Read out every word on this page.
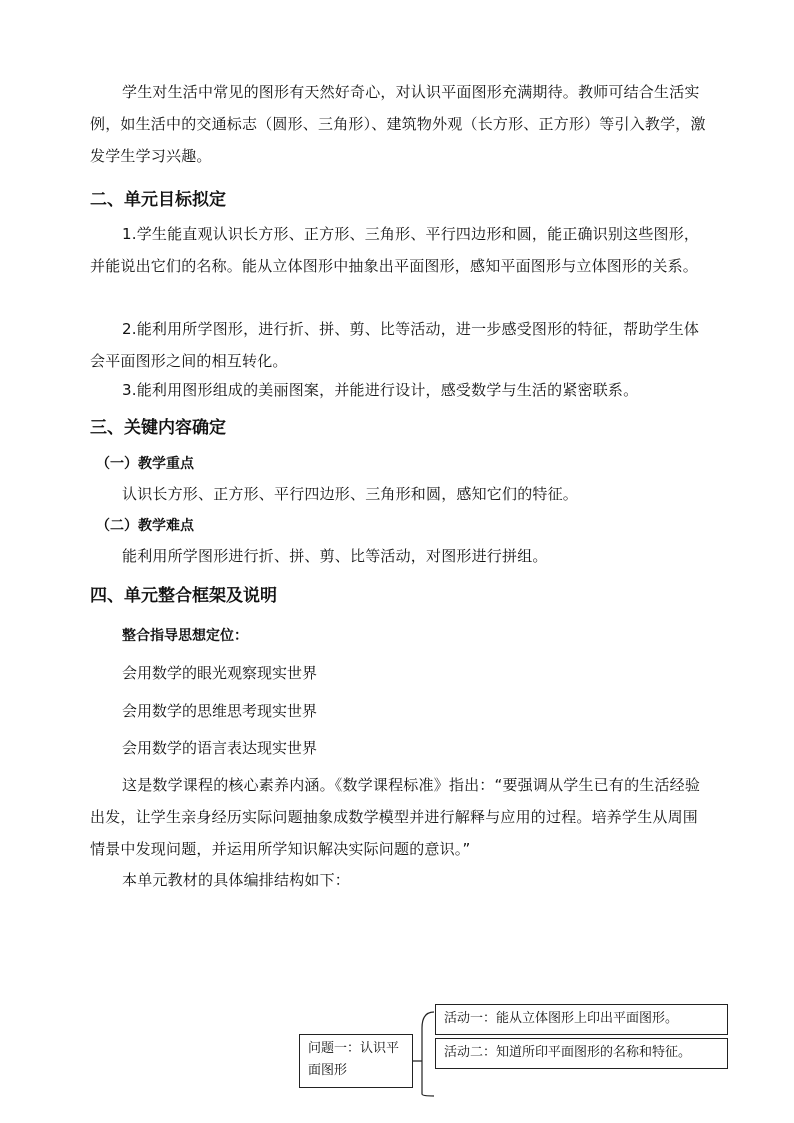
学生对生活中常见的图形有天然好奇心，对认识平面图形充满期待。教师可结合生活实例，如生活中的交通标志（圆形、三角形）、建筑物外观（长方形、正方形）等引入教学，激发学生学习兴趣。

二、单元目标拟定

1.学生能直观认识长方形、正方形、三角形、平行四边形和圆，能正确识别这些图形，并能说出它们的名称。能从立体图形中抽象出平面图形，感知平面图形与立体图形的关系。

2.能利用所学图形，进行折、拼、剪、比等活动，进一步感受图形的特征，帮助学生体会平面图形之间的相互转化。

3.能利用图形组成的美丽图案，并能进行设计，感受数学与生活的紧密联系。

三、关键内容确定

（一）教学重点

认识长方形、正方形、平行四边形、三角形和圆，感知它们的特征。

（二）教学难点

能利用所学图形进行折、拼、剪、比等活动，对图形进行拼组。

四、单元整合框架及说明

整合指导思想定位：

会用数学的眼光观察现实世界

会用数学的思维思考现实世界

会用数学的语言表达现实世界

这是数学课程的核心素养内涵。《数学课程标准》指出：“要强调从学生已有的生活经验出发，让学生亲身经历实际问题抽象成数学模型并进行解释与应用的过程。培养学生从周围情景中发现问题，并运用所学知识解决实际问题的意识。”

本单元教材的具体编排结构如下：

问题一：认识平面图形
活动一：能从立体图形上印出平面图形。
活动二：知道所印平面图形的名称和特征。
